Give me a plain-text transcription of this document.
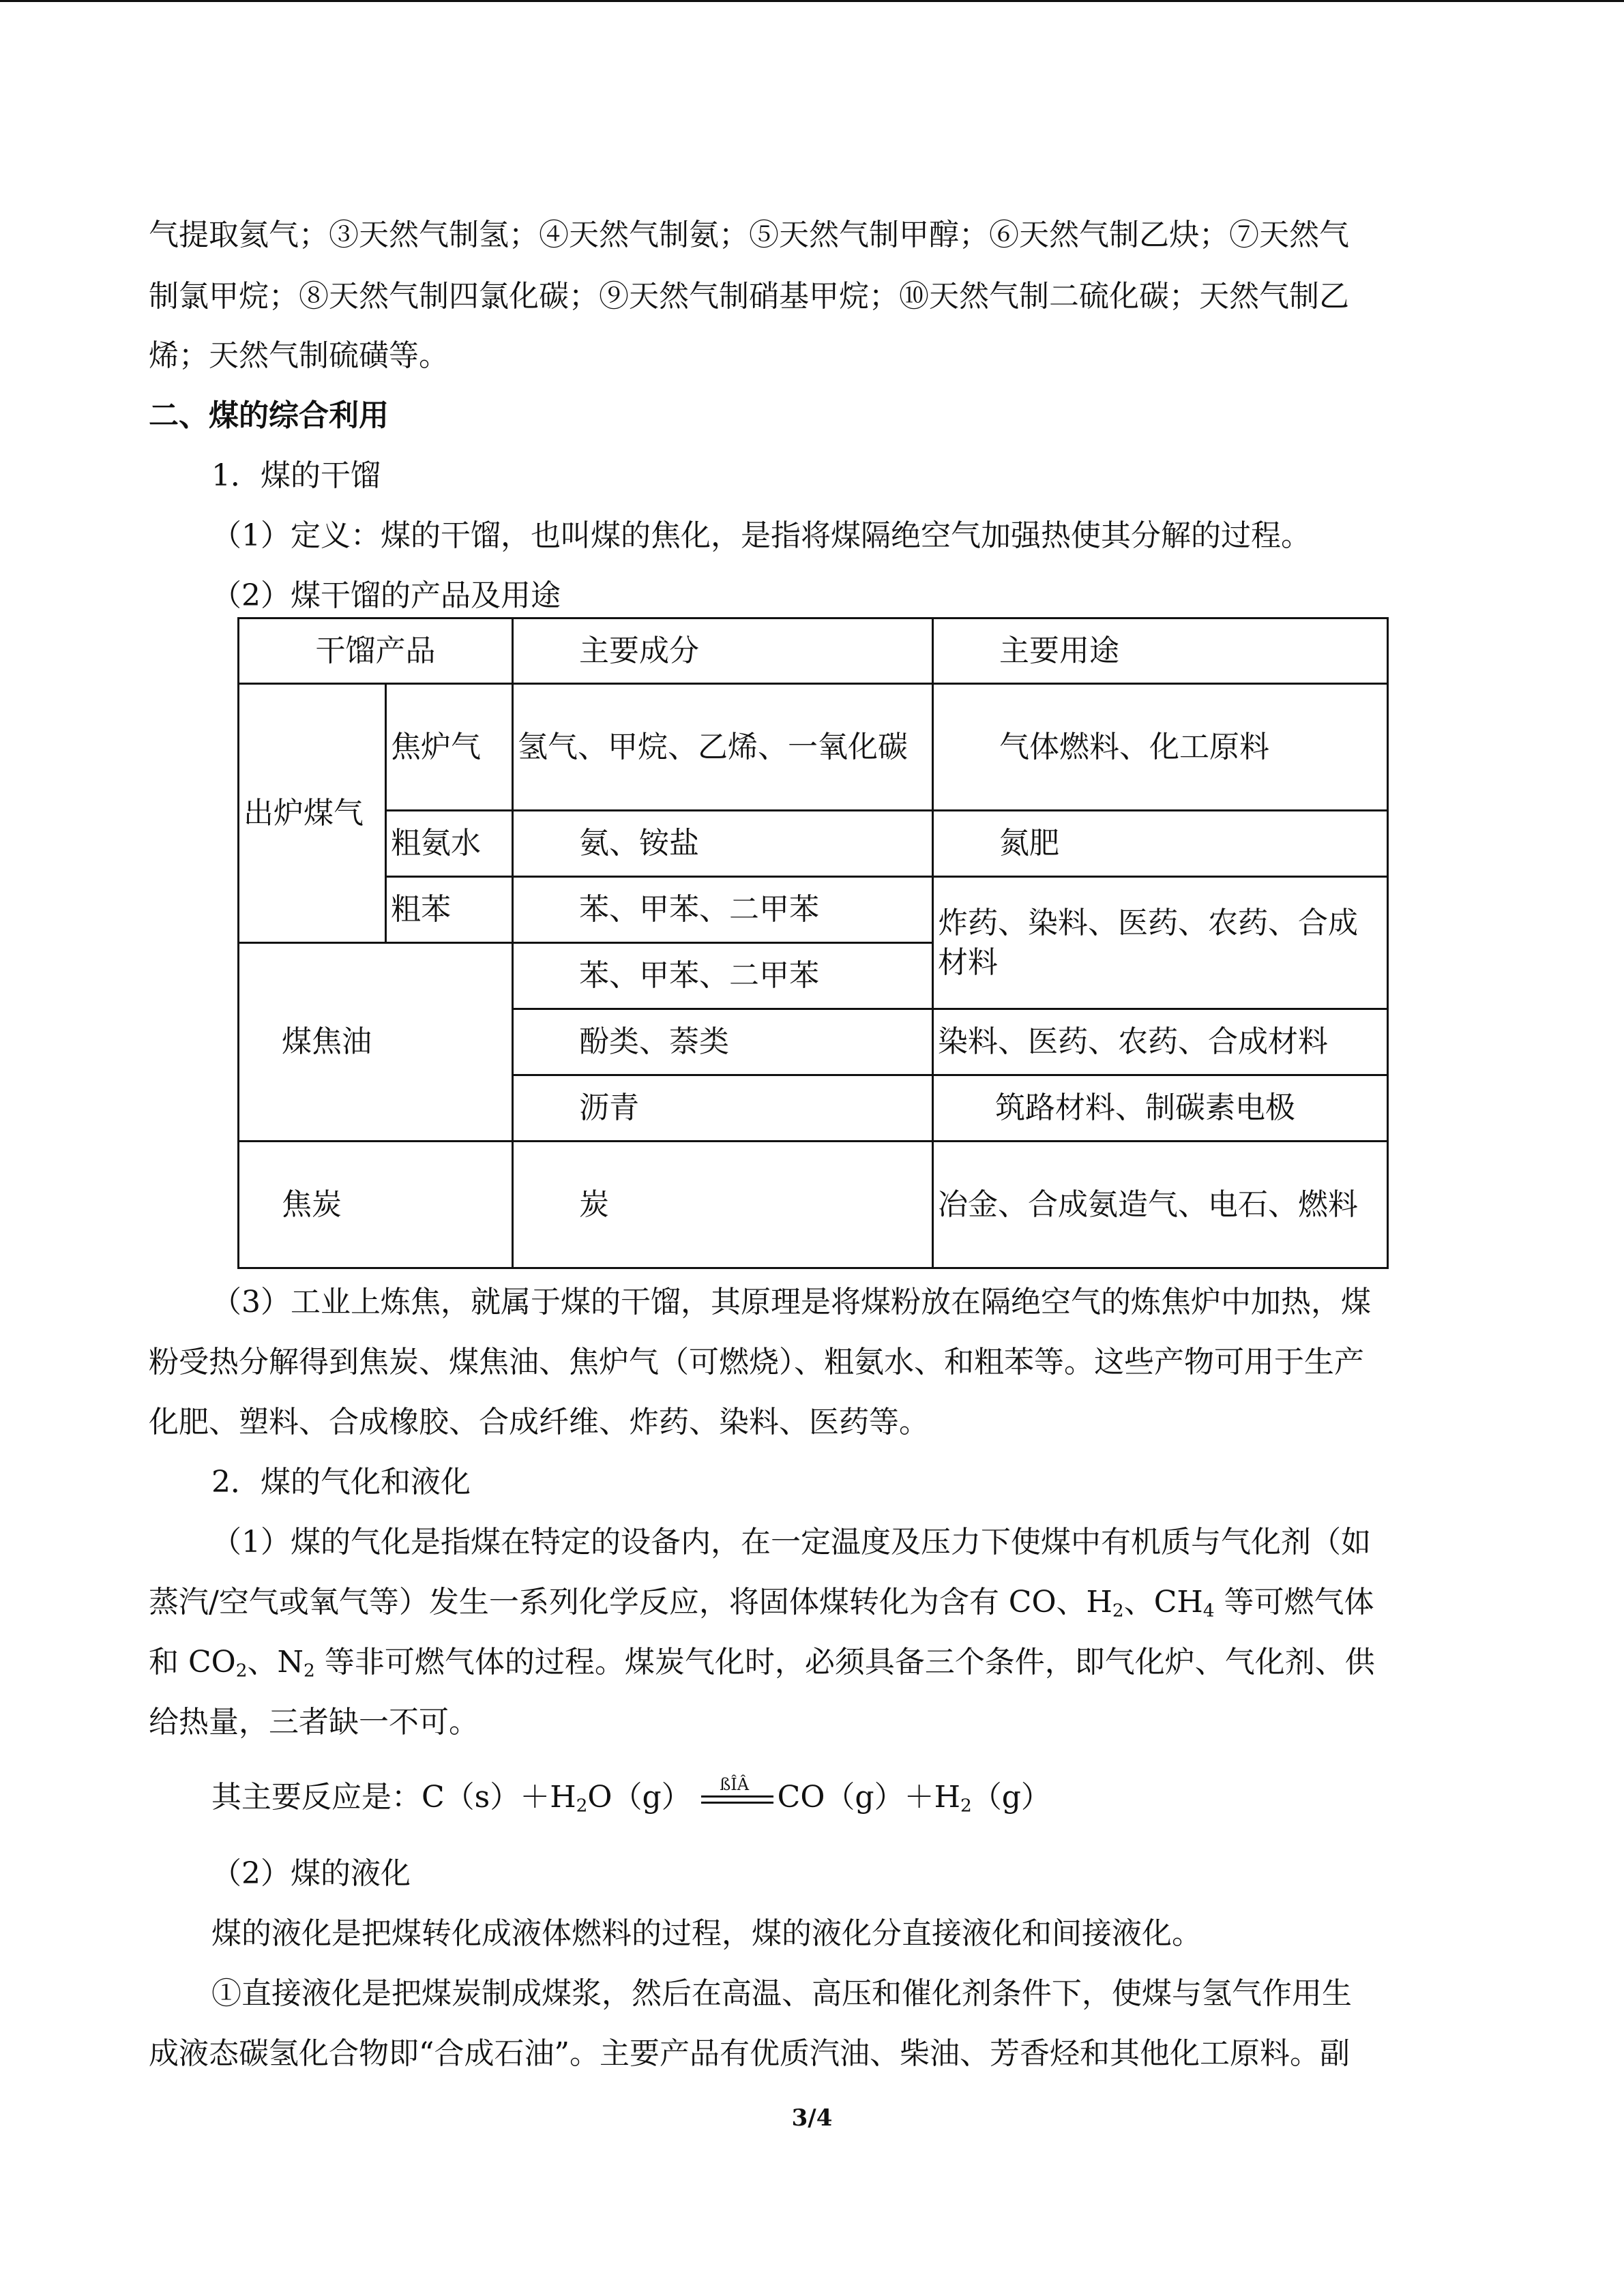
气提取氦气；③天然气制氢；④天然气制氨；⑤天然气制甲醇；⑥天然气制乙炔；⑦天然气
制氯甲烷；⑧天然气制四氯化碳；⑨天然气制硝基甲烷；⑩天然气制二硫化碳；天然气制乙
烯；天然气制硫磺等。
二、煤的综合利用
1．煤的干馏
（1）定义：煤的干馏，也叫煤的焦化，是指将煤隔绝空气加强热使其分解的过程。
（2）煤干馏的产品及用途
干馏产品		主要成分	主要用途
出炉煤气	焦炉气	氢气、甲烷、乙烯、一氧化碳	气体燃料、化工原料
	粗氨水	氨、铵盐	氮肥
	粗苯	苯、甲苯、二甲苯	炸药、染料、医药、农药、合成材料
煤焦油		苯、甲苯、二甲苯	
		酚类、萘类	染料、医药、农药、合成材料
		沥青	筑路材料、制碳素电极
焦炭		炭	冶金、合成氨造气、电石、燃料
（3）工业上炼焦，就属于煤的干馏，其原理是将煤粉放在隔绝空气的炼焦炉中加热，煤
粉受热分解得到焦炭、煤焦油、焦炉气（可燃烧）、粗氨水、和粗苯等。这些产物可用于生产
化肥、塑料、合成橡胶、合成纤维、炸药、染料、医药等。
2．煤的气化和液化
（1）煤的气化是指煤在特定的设备内，在一定温度及压力下使煤中有机质与气化剂（如
蒸汽/空气或氧气等）发生一系列化学反应，将固体煤转化为含有 CO、$H_2$、$CH_4$ 等可燃气体
和 $CO_2$、$N_2$ 等非可燃气体的过程。煤炭气化时，必须具备三个条件，即气化炉、气化剂、供
给热量，三者缺一不可。
其主要反应是：$C(s)+H_2O(g)$	ßÎÂ $CO(g)+H_2(g)$
（2）煤的液化
煤的液化是把煤转化成液体燃料的过程，煤的液化分直接液化和间接液化。
①直接液化是把煤炭制成煤浆，然后在高温、高压和催化剂条件下，使煤与氢气作用生
成液态碳氢化合物即“合成石油”。主要产品有优质汽油、柴油、芳香烃和其他化工原料。副
3/4
